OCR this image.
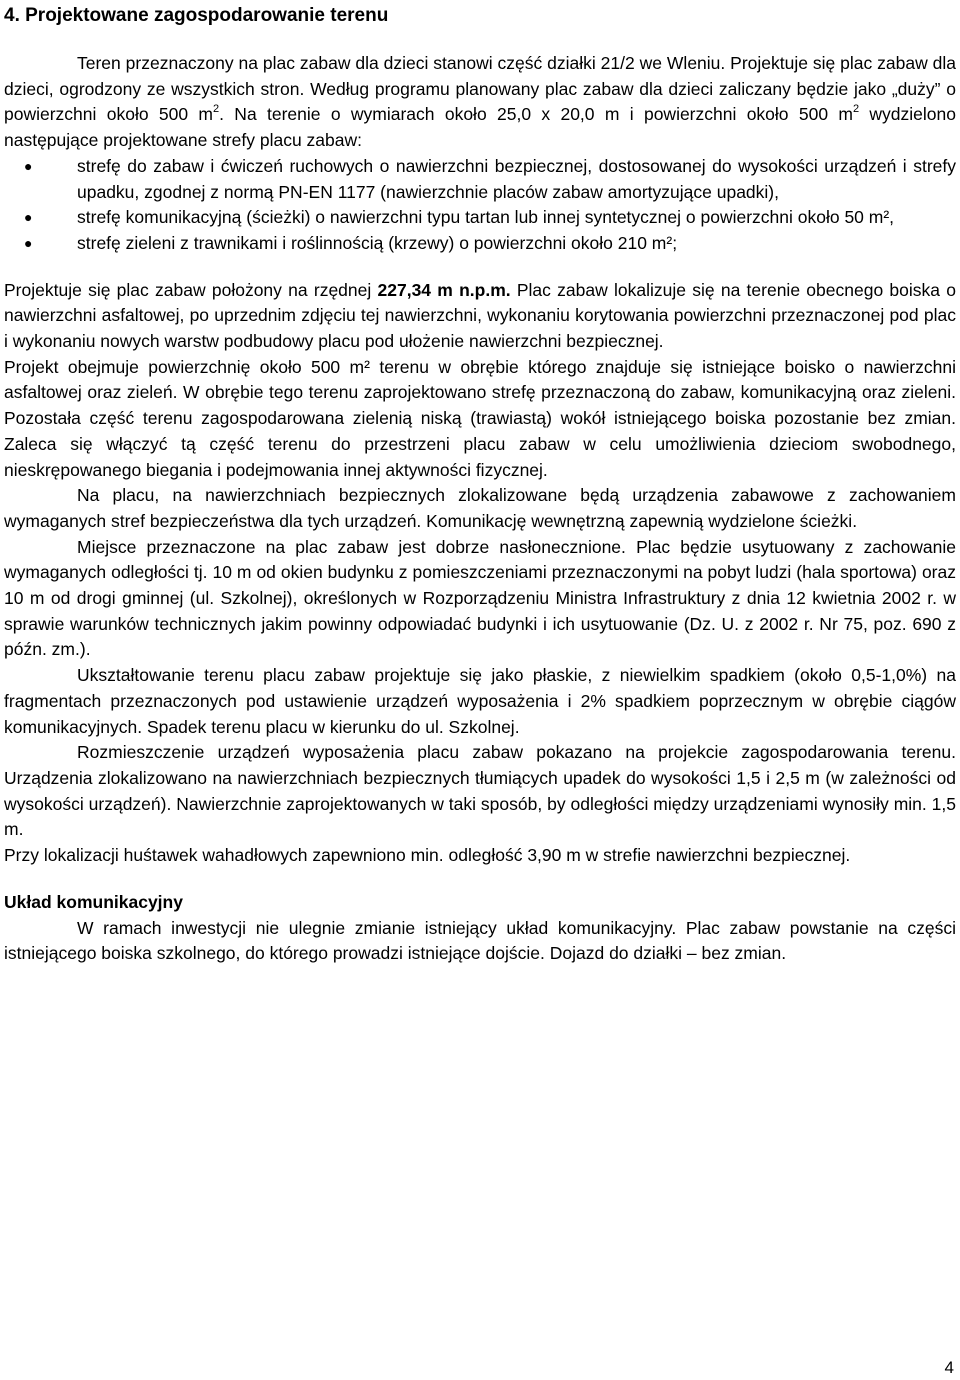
4. Projektowane zagospodarowanie terenu

Teren przeznaczony na plac zabaw dla dzieci stanowi część działki 21/2 we Wleniu. Projektuje się plac zabaw dla dzieci, ogrodzony ze wszystkich stron. Według programu planowany plac zabaw dla dzieci zaliczany będzie jako „duży” o powierzchni około 500 $m^2$. Na terenie o wymiarach około 25,0 x 20,0 m i powierzchni około 500 $m^2$ wydzielono następujące projektowane strefy placu zabaw:

●	strefę do zabaw i ćwiczeń ruchowych o nawierzchni bezpiecznej, dostosowanej do wysokości urządzeń i strefy upadku, zgodnej z normą PN-EN 1177 (nawierzchnie placów zabaw amortyzujące upadki),
●	strefę komunikacyjną (ścieżki) o nawierzchni typu tartan lub innej syntetycznej o powierzchni około 50 m²,
●	strefę zieleni z trawnikami i roślinnością (krzewy) o powierzchni około 210 m²;

Projektuje się plac zabaw położony na rzędnej 227,34 m n.p.m. Plac zabaw lokalizuje się na terenie obecnego boiska o nawierzchni asfaltowej, po uprzednim zdjęciu tej nawierzchni, wykonaniu korytowania powierzchni przeznaczonej pod plac i wykonaniu nowych warstw podbudowy placu pod ułożenie nawierzchni bezpiecznej.

Projekt obejmuje powierzchnię około 500 m² terenu w obrębie którego znajduje się istniejące boisko o nawierzchni asfaltowej oraz zieleń. W obrębie tego terenu zaprojektowano strefę przeznaczoną do zabaw, komunikacyjną oraz zieleni. Pozostała część terenu zagospodarowana zielenią niską (trawiastą) wokół istniejącego boiska pozostanie bez zmian. Zaleca się włączyć tą część terenu do przestrzeni placu zabaw w celu umożliwienia dzieciom swobodnego, nieskrępowanego biegania i podejmowania innej aktywności fizycznej.

Na placu, na nawierzchniach bezpiecznych zlokalizowane będą urządzenia zabawowe z zachowaniem wymaganych stref bezpieczeństwa dla tych urządzeń. Komunikację wewnętrzną zapewnią wydzielone ścieżki.

Miejsce przeznaczone na plac zabaw jest dobrze nasłonecznione. Plac będzie usytuowany z zachowanie wymaganych odległości tj. 10 m od okien budynku z pomieszczeniami przeznaczonymi na pobyt ludzi (hala sportowa) oraz 10 m od drogi gminnej (ul. Szkolnej), określonych w Rozporządzeniu Ministra Infrastruktury z dnia 12 kwietnia 2002 r. w sprawie warunków technicznych jakim powinny odpowiadać budynki i ich usytuowanie (Dz. U. z 2002 r. Nr 75, poz. 690 z późn. zm.).

Ukształtowanie terenu placu zabaw projektuje się jako płaskie, z niewielkim spadkiem (około 0,5-1,0%) na fragmentach przeznaczonych pod ustawienie urządzeń wyposażenia i 2% spadkiem poprzecznym w obrębie ciągów komunikacyjnych. Spadek terenu placu w kierunku do ul. Szkolnej.

Rozmieszczenie urządzeń wyposażenia placu zabaw pokazano na projekcie zagospodarowania terenu. Urządzenia zlokalizowano na nawierzchniach bezpiecznych tłumiących upadek do wysokości 1,5 i 2,5 m (w zależności od wysokości urządzeń). Nawierzchnie zaprojektowanych w taki sposób, by odległości między urządzeniami wynosiły min. 1,5 m.

Przy lokalizacji huśtawek wahadłowych zapewniono min. odległość 3,90 m w strefie nawierzchni bezpiecznej.

Układ komunikacyjny

W ramach inwestycji nie ulegnie zmianie istniejący układ komunikacyjny. Plac zabaw powstanie na części istniejącego boiska szkolnego, do którego prowadzi istniejące dojście. Dojazd do działki – bez zmian.

4
